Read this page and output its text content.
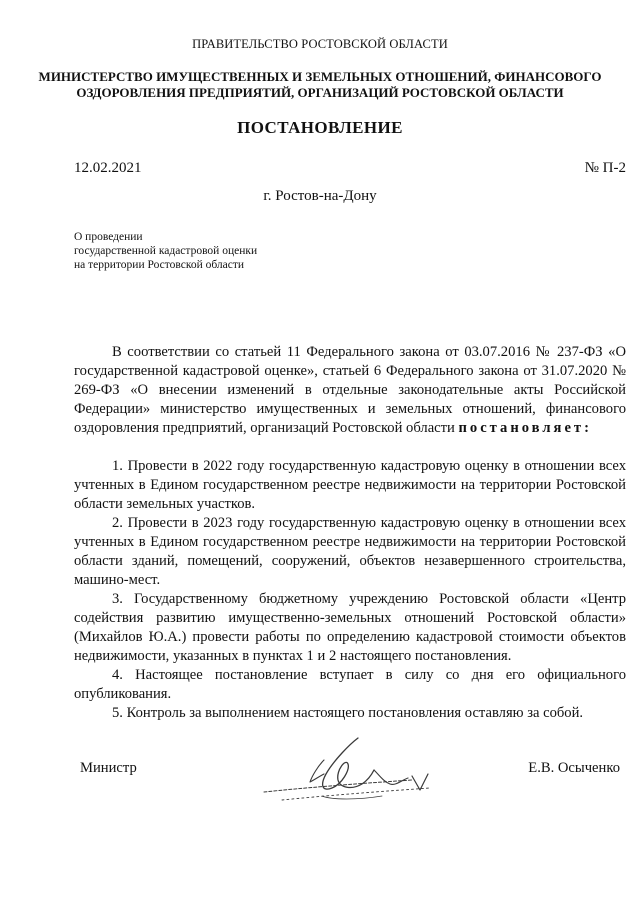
ПРАВИТЕЛЬСТВО РОСТОВСКОЙ ОБЛАСТИ
МИНИСТЕРСТВО ИМУЩЕСТВЕННЫХ И ЗЕМЕЛЬНЫХ ОТНОШЕНИЙ, ФИНАНСОВОГО
ОЗДОРОВЛЕНИЯ ПРЕДПРИЯТИЙ, ОРГАНИЗАЦИЙ РОСТОВСКОЙ ОБЛАСТИ
ПОСТАНОВЛЕНИЕ
12.02.2021	№ П-2
г. Ростов-на-Дону
О проведении
государственной кадастровой оценки
на территории Ростовской области

В соответствии со статьей 11 Федерального закона от 03.07.2016 № 237-ФЗ «О государственной кадастровой оценке», статьей 6 Федерального закона от 31.07.2020 № 269-ФЗ «О внесении изменений в отдельные законодательные акты Российской Федерации» министерство имущественных и земельных отношений, финансового оздоровления предприятий, организаций Ростовской области постановляет:

1. Провести в 2022 году государственную кадастровую оценку в отношении всех учтенных в Едином государственном реестре недвижимости на территории Ростовской области земельных участков.

2. Провести в 2023 году государственную кадастровую оценку в отношении всех учтенных в Едином государственном реестре недвижимости на территории Ростовской области зданий, помещений, сооружений, объектов незавершенного строительства, машино-мест.

3. Государственному бюджетному учреждению Ростовской области «Центр содействия развитию имущественно-земельных отношений Ростовской области» (Михайлов Ю.А.) провести работы по определению кадастровой стоимости объектов недвижимости, указанных в пунктах 1 и 2 настоящего постановления.

4. Настоящее постановление вступает в силу со дня его официального опубликования.

5. Контроль за выполнением настоящего постановления оставляю за собой.

Министр	Е.В. Осыченко
